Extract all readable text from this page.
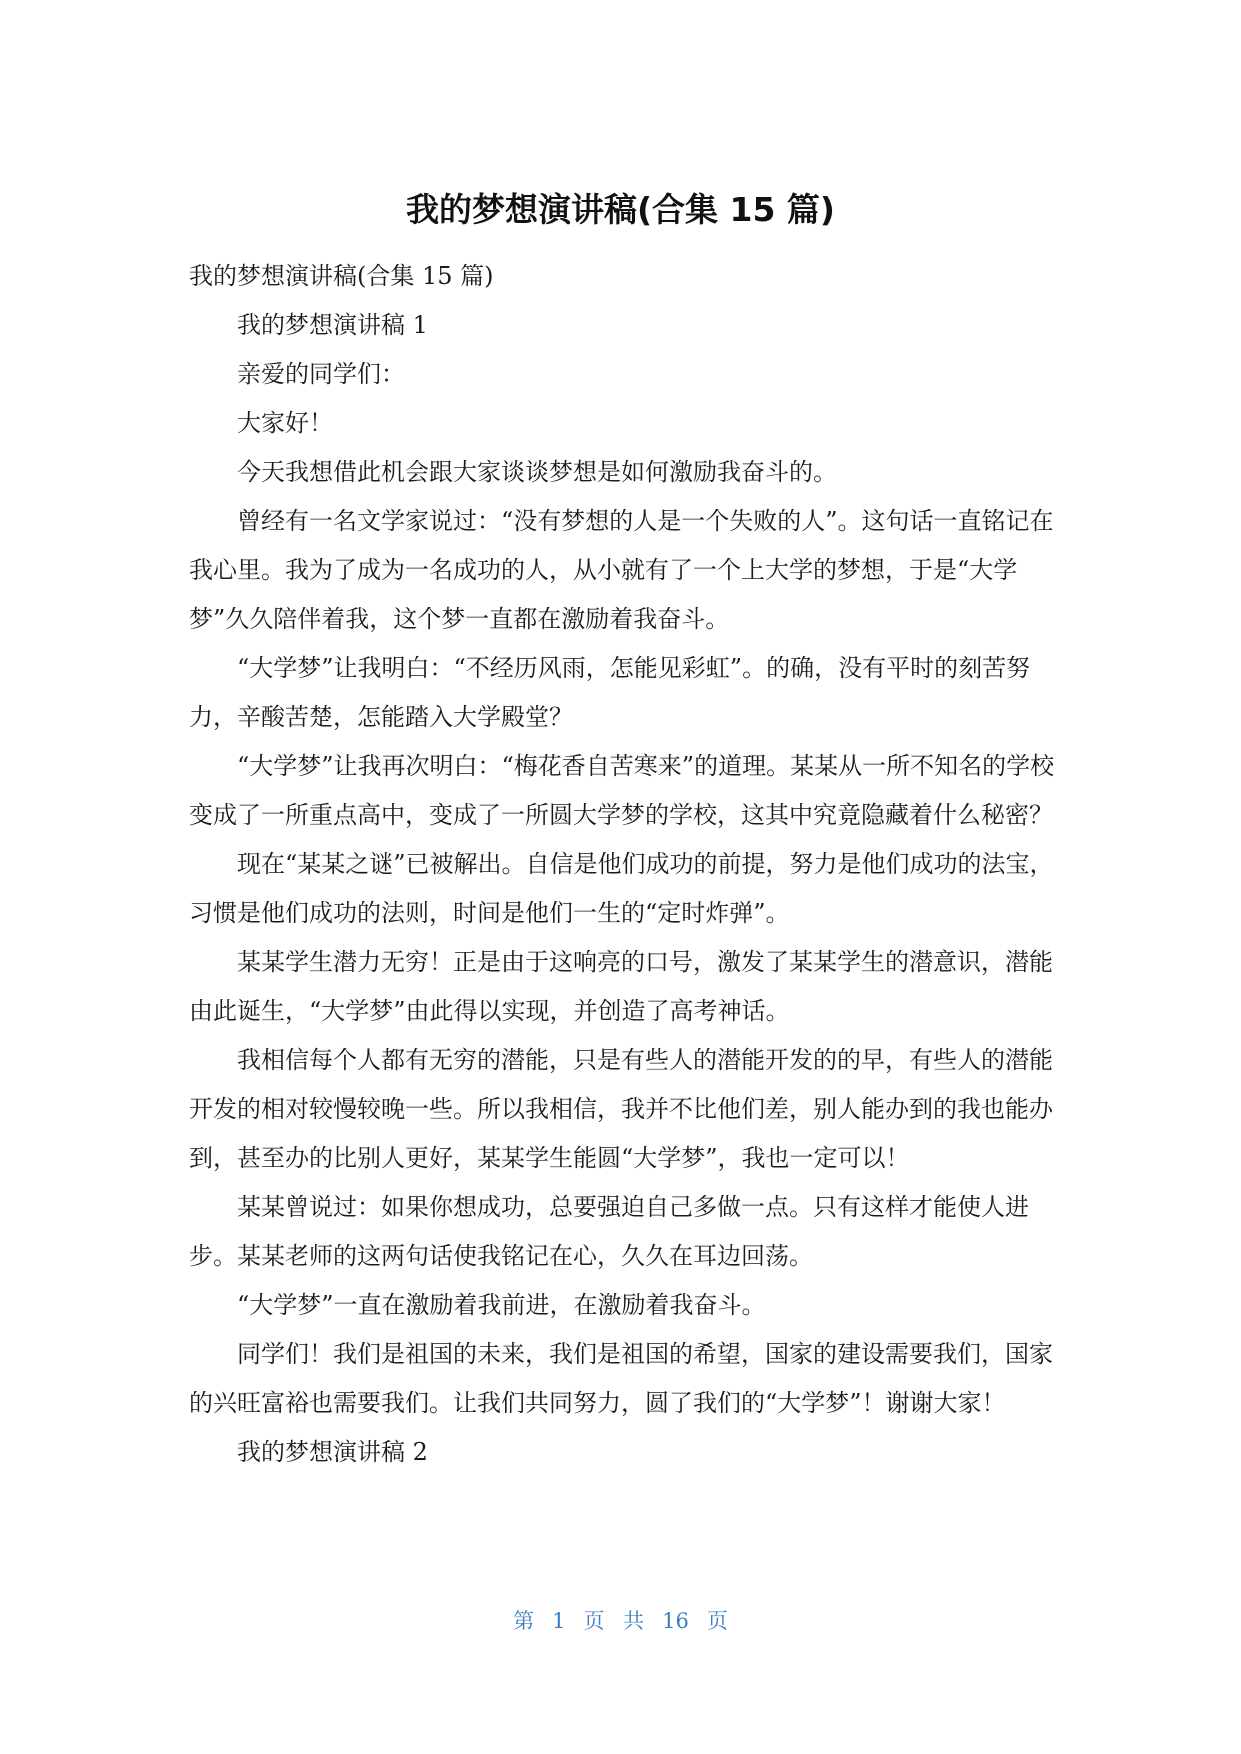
我的梦想演讲稿(合集 15 篇)

我的梦想演讲稿(合集 15 篇)

我的梦想演讲稿 1

亲爱的同学们：

大家好！

今天我想借此机会跟大家谈谈梦想是如何激励我奋斗的。

曾经有一名文学家说过：“没有梦想的人是一个失败的人”。这句话一直铭记在我心里。我为了成为一名成功的人，从小就有了一个上大学的梦想，于是“大学梦”久久陪伴着我，这个梦一直都在激励着我奋斗。

“大学梦”让我明白：“不经历风雨，怎能见彩虹”。的确，没有平时的刻苦努力，辛酸苦楚，怎能踏入大学殿堂？

“大学梦”让我再次明白：“梅花香自苦寒来”的道理。某某从一所不知名的学校变成了一所重点高中，变成了一所圆大学梦的学校，这其中究竟隐藏着什么秘密？

现在“某某之谜”已被解出。自信是他们成功的前提，努力是他们成功的法宝，习惯是他们成功的法则，时间是他们一生的“定时炸弹”。

某某学生潜力无穷！正是由于这响亮的口号，激发了某某学生的潜意识，潜能由此诞生，“大学梦”由此得以实现，并创造了高考神话。

我相信每个人都有无穷的潜能，只是有些人的潜能开发的的早，有些人的潜能开发的相对较慢较晚一些。所以我相信，我并不比他们差，别人能办到的我也能办到，甚至办的比别人更好，某某学生能圆“大学梦”，我也一定可以！

某某曾说过：如果你想成功，总要强迫自己多做一点。只有这样才能使人进步。某某老师的这两句话使我铭记在心，久久在耳边回荡。

“大学梦”一直在激励着我前进，在激励着我奋斗。

同学们！我们是祖国的未来，我们是祖国的希望，国家的建设需要我们，国家的兴旺富裕也需要我们。让我们共同努力，圆了我们的“大学梦”！谢谢大家！

我的梦想演讲稿 2

第 1 页 共 16 页
